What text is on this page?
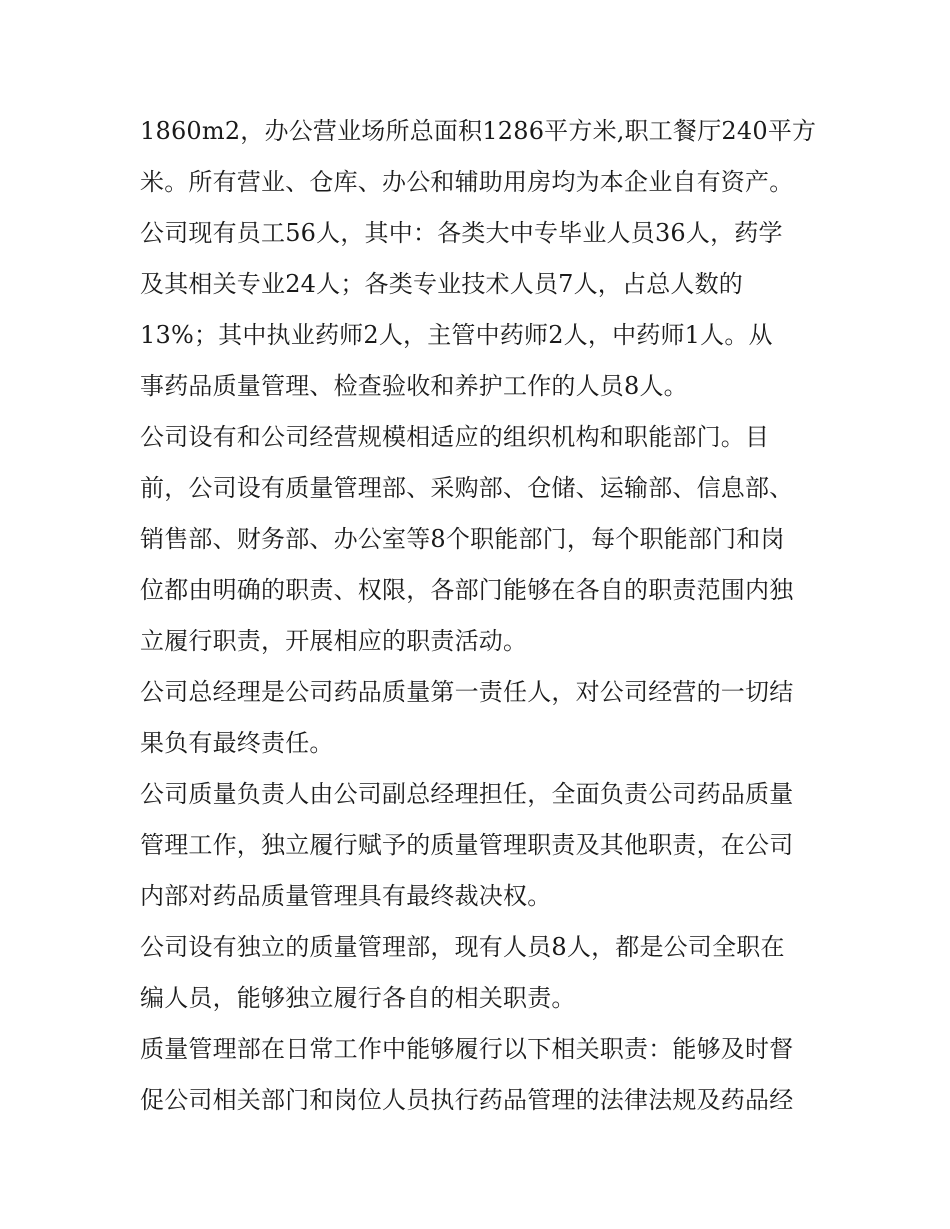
1860m2，办公营业场所总面积1286平方米,职工餐厅240平方
米。所有营业、仓库、办公和辅助用房均为本企业自有资产。
公司现有员工56人，其中：各类大中专毕业人员36人，药学
及其相关专业24人；各类专业技术人员7人，占总人数的
13%；其中执业药师2人，主管中药师2人，中药师1人。从
事药品质量管理、检查验收和养护工作的人员8人。
公司设有和公司经营规模相适应的组织机构和职能部门。目
前，公司设有质量管理部、采购部、仓储、运输部、信息部、
销售部、财务部、办公室等8个职能部门，每个职能部门和岗
位都由明确的职责、权限，各部门能够在各自的职责范围内独
立履行职责，开展相应的职责活动。
公司总经理是公司药品质量第一责任人，对公司经营的一切结
果负有最终责任。
公司质量负责人由公司副总经理担任，全面负责公司药品质量
管理工作，独立履行赋予的质量管理职责及其他职责，在公司
内部对药品质量管理具有最终裁决权。
公司设有独立的质量管理部，现有人员8人，都是公司全职在
编人员，能够独立履行各自的相关职责。
质量管理部在日常工作中能够履行以下相关职责：能够及时督
促公司相关部门和岗位人员执行药品管理的法律法规及药品经
